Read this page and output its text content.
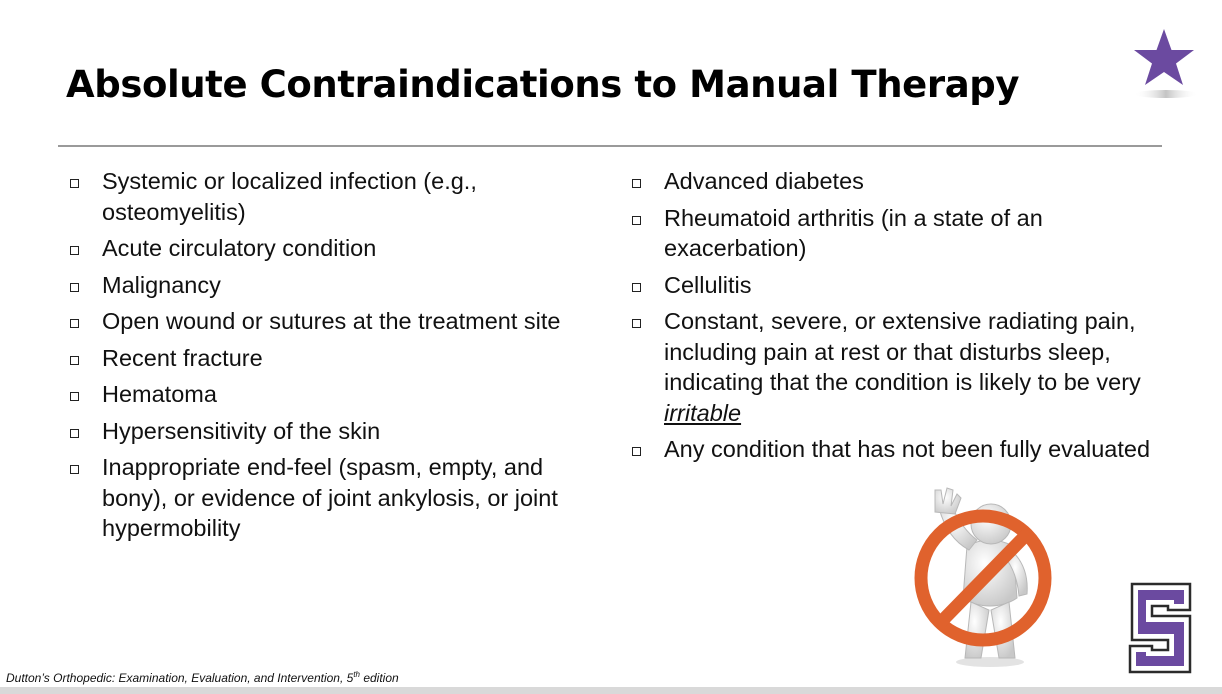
Absolute Contraindications to Manual Therapy
Systemic or localized infection (e.g., osteomyelitis)
Acute circulatory condition
Malignancy
Open wound or sutures at the treatment site
Recent fracture
Hematoma
Hypersensitivity of the skin
Inappropriate end-feel (spasm, empty, and bony), or evidence of joint ankylosis, or joint hypermobility
Advanced diabetes
Rheumatoid arthritis (in a state of an exacerbation)
Cellulitis
Constant, severe, or extensive radiating pain, including pain at rest or that disturbs sleep, indicating that the condition is likely to be very irritable
Any condition that has not been fully evaluated
Dutton’s Orthopedic: Examination, Evaluation, and Intervention, 5th edition
